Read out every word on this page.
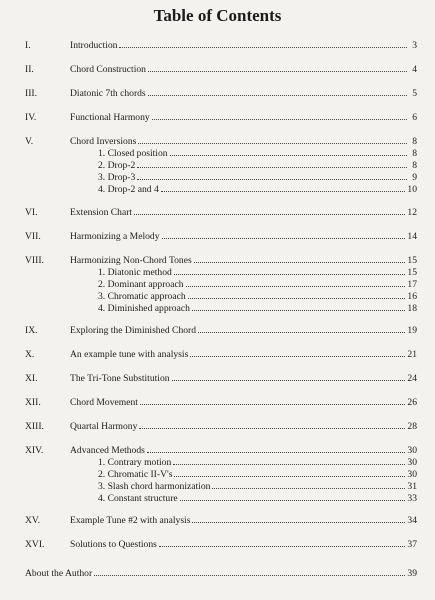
Table of Contents
I.	Introduction	3
II.	Chord Construction	4
III.	Diatonic 7th chords	5
IV.	Functional Harmony	6
V.	Chord Inversions	8
1. Closed position	8
2. Drop-2	8
3. Drop-3	9
4. Drop-2 and 4	10
VI.	Extension Chart	12
VII.	Harmonizing a Melody	14
VIII.	Harmonizing Non-Chord Tones	15
1. Diatonic method	15
2. Dominant approach	17
3. Chromatic approach	16
4. Diminished approach	18
IX.	Exploring the Diminished Chord	19
X.	An example tune with analysis	21
XI.	The Tri-Tone Substitution	24
XII.	Chord Movement	26
XIII.	Quartal Harmony	28
XIV.	Advanced Methods	30
1. Contrary motion	30
2. Chromatic II-V's	30
3. Slash chord harmonization	31
4. Constant structure	33
XV.	Example Tune #2 with analysis	34
XVI.	Solutions to Questions	37
About the Author	39
